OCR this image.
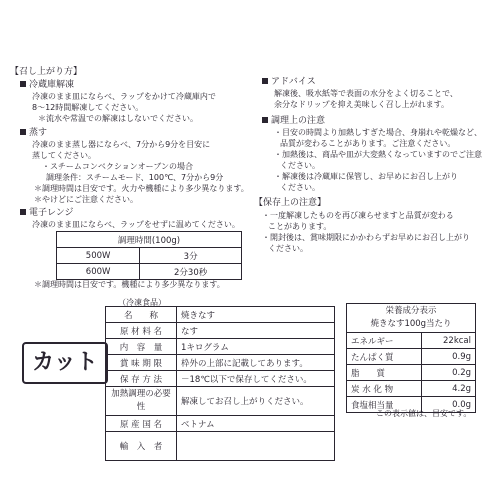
【召し上がり方】
冷蔵庫解凍
冷凍のまま皿にならべ、ラップをかけて冷蔵庫内で
8～12時間解凍してください。
＊流水や常温での解凍はしないでください。
蒸す
冷凍のまま蒸し器にならべ、7分から9分を目安に
蒸してください。
・スチームコンベクションオーブンの場合
調理条件：スチームモード、100℃、7分から9分
＊調理時間は目安です。火力や機種により多少異なります。
＊やけどにご注意ください。
電子レンジ
冷凍のまま皿にならべ、ラップをせずに温めてください。
調理時間(100g)	
500W	3分
600W	2分30秒
＊調理時間は目安です。機種により多少異なります。
アドバイス
解凍後、吸水紙等で表面の水分をよく切ることで、
余分なドリップを抑え美味しく召し上がれます。
調理上の注意
・目安の時間より加熱しすぎた場合、身崩れや乾燥など、
品質が変わることがあります。ご注意ください。
・加熱後は、商品や皿が大変熱くなっていますのでご注意
ください。
・解凍後は冷蔵庫に保管し、お早めにお召し上がり
ください。
【保存上の注意】
・一度解凍したものを再び凍らせますと品質が変わる
ことがあります。
・開封後は、賞味期限にかかわらずお早めにお召し上がり
ください。
カット
（冷凍食品）
名　　称	焼きなす
原 材 料 名	なす
内　容　量	1キログラム
賞 味 期 限	枠外の上部に記載してあります。
保 存 方 法	－18℃以下で保存してください。
加熱調理の必要性	解凍してお召し上がりください。
原 産 国 名	ベトナム
輸　入　者	
栄養成分表示
焼きなす100g当たり	

エネルギー	22kcal
たんぱく質	0.9g
脂　　質	0.2g
炭 水 化 物	4.2g
食塩相当量	0.0g
この表示値は、目安です。
